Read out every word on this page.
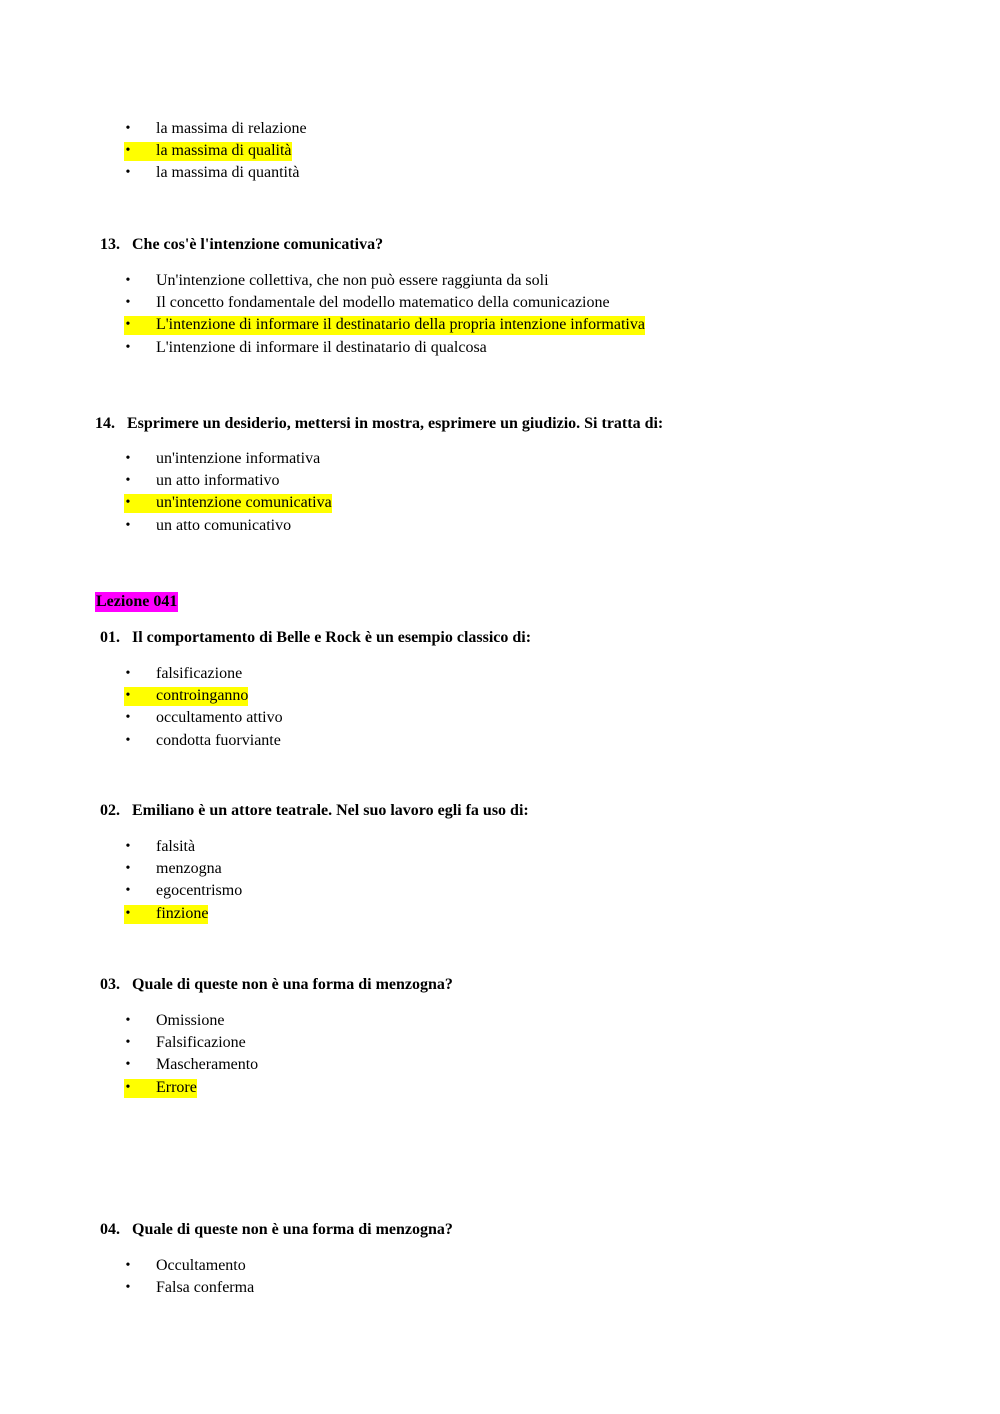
• la massima di relazione
• la massima di qualità
• la massima di quantità
13. Che cos'è l'intenzione comunicativa?
• Un'intenzione collettiva, che non può essere raggiunta da soli
• Il concetto fondamentale del modello matematico della comunicazione
• L'intenzione di informare il destinatario della propria intenzione informativa
• L'intenzione di informare il destinatario di qualcosa
14. Esprimere un desiderio, mettersi in mostra, esprimere un giudizio. Si tratta di:
• un'intenzione informativa
• un atto informativo
• un'intenzione comunicativa
• un atto comunicativo
Lezione 041
01. Il comportamento di Belle e Rock è un esempio classico di:
• falsificazione
• controinganno
• occultamento attivo
• condotta fuorviante
02. Emiliano è un attore teatrale. Nel suo lavoro egli fa uso di:
• falsità
• menzogna
• egocentrismo
• finzione
03. Quale di queste non è una forma di menzogna?
• Omissione
• Falsificazione
• Mascheramento
• Errore
04. Quale di queste non è una forma di menzogna?
• Occultamento
• Falsa conferma
